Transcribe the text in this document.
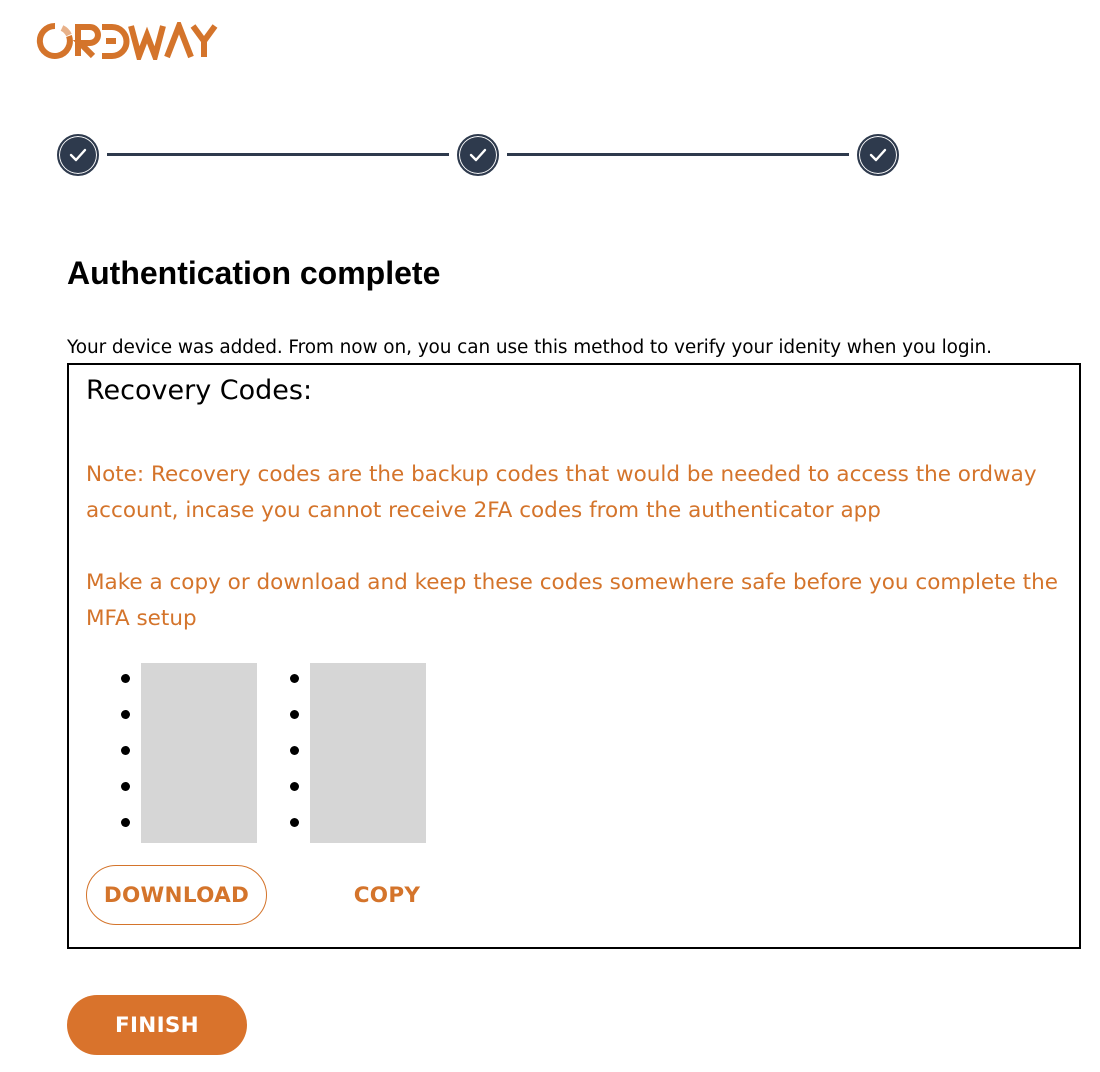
Authentication complete

Your device was added. From now on, you can use this method to verify your idenity when you login.

Recovery Codes:

Note: Recovery codes are the backup codes that would be needed to access the ordway account, incase you cannot receive 2FA codes from the authenticator app

Make a copy or download and keep these codes somewhere safe before you complete the MFA setup

DOWNLOAD	COPY
FINISH
